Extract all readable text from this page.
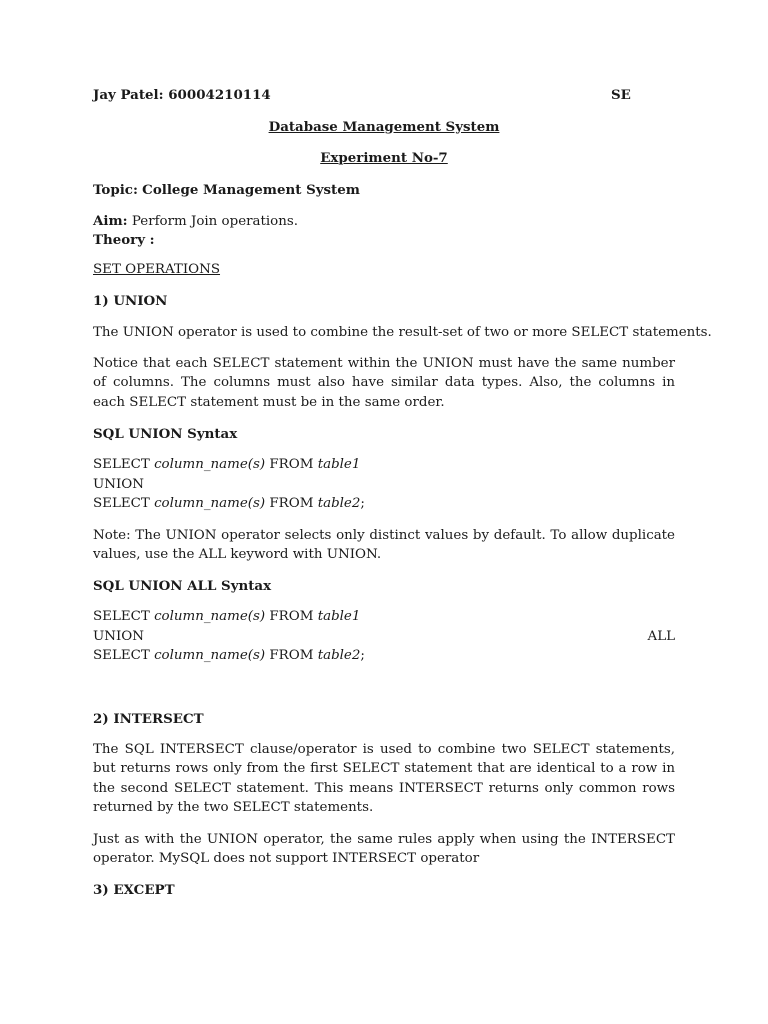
Jay Patel: 60004210114	SE
Database Management System
Experiment No-7
Topic: College Management System
Aim: Perform Join operations.
Theory :
SET OPERATIONS
1) UNION
The UNION operator is used to combine the result-set of two or more SELECT statements.
Notice that each SELECT statement within the UNION must have the same number of columns. The columns must also have similar data types. Also, the columns in each SELECT statement must be in the same order.
SQL UNION Syntax
SELECT column_name(s) FROM table1
UNION
SELECT column_name(s) FROM table2;
Note: The UNION operator selects only distinct values by default. To allow duplicate values, use the ALL keyword with UNION.
SQL UNION ALL Syntax
SELECT column_name(s) FROM table1
UNION	ALL
SELECT column_name(s) FROM table2;
2) INTERSECT
The SQL INTERSECT clause/operator is used to combine two SELECT statements, but returns rows only from the first SELECT statement that are identical to a row in the second SELECT statement. This means INTERSECT returns only common rows returned by the two SELECT statements.
Just as with the UNION operator, the same rules apply when using the INTERSECT operator. MySQL does not support INTERSECT operator
3) EXCEPT
